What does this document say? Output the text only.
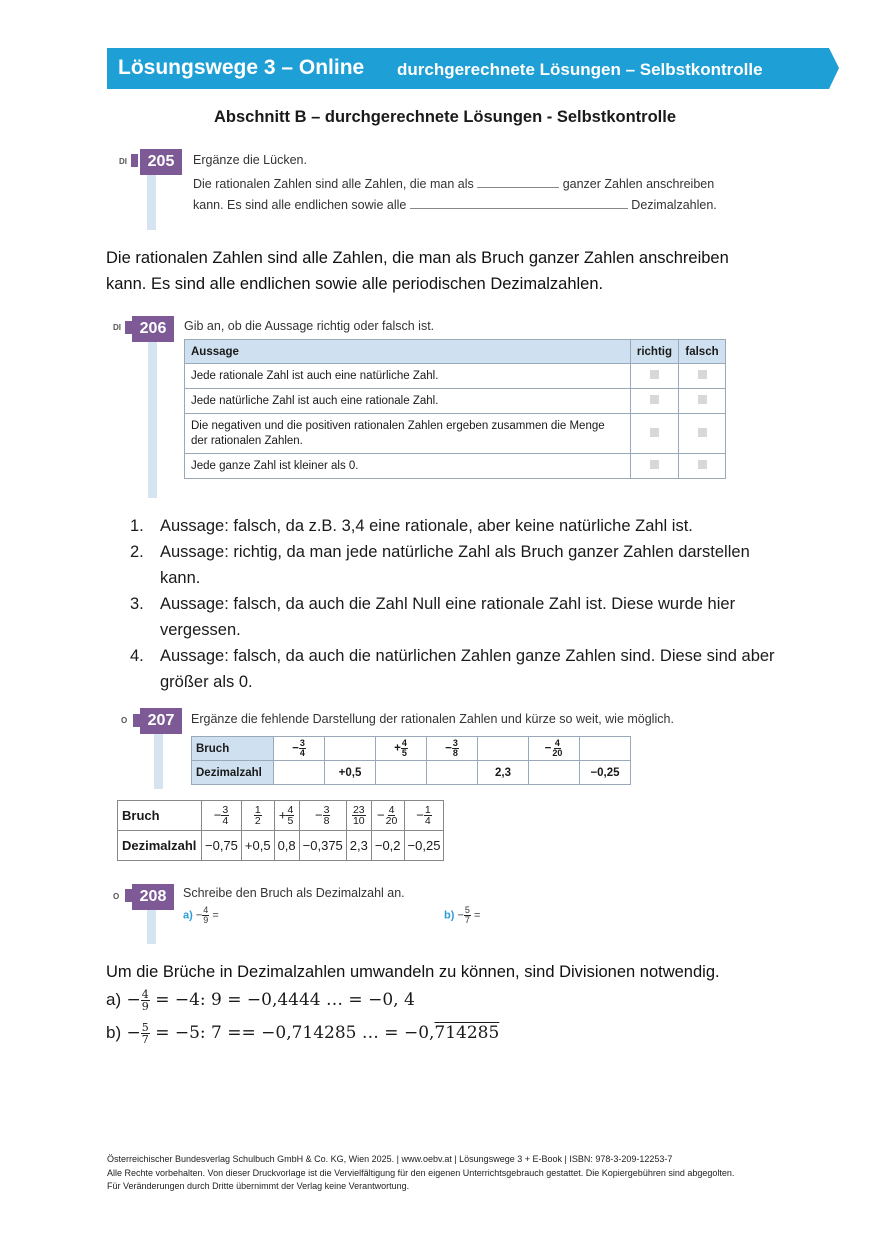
Lösungswege 3 – Online durchgerechnete Lösungen – Selbstkontrolle
Abschnitt B – durchgerechnete Lösungen - Selbstkontrolle
DI	205	Ergänze die Lücken.
Die rationalen Zahlen sind alle Zahlen, die man als	ganzer Zahlen anschreiben
kann. Es sind alle endlichen sowie alle	Dezimalzahlen.
Die rationalen Zahlen sind alle Zahlen, die man als Bruch ganzer Zahlen anschreiben
kann. Es sind alle endlichen sowie alle periodischen Dezimalzahlen.
DI	206	Gib an, ob die Aussage richtig oder falsch ist.
Aussage	richtig	falsch
Jede rationale Zahl ist auch eine natürliche Zahl.		
Jede natürliche Zahl ist auch eine rationale Zahl.		
Die negativen und die positiven rationalen Zahlen ergeben zusammen die Menge der rationalen Zahlen.		
Jede ganze Zahl ist kleiner als 0.		
1. Aussage: falsch, da z.B. 3,4 eine rationale, aber keine natürliche Zahl ist.
2. Aussage: richtig, da man jede natürliche Zahl als Bruch ganzer Zahlen darstellen kann.
3. Aussage: falsch, da auch die Zahl Null eine rationale Zahl ist. Diese wurde hier vergessen.
4. Aussage: falsch, da auch die natürlichen Zahlen ganze Zahlen sind. Diese sind aber größer als 0.
O	207	Ergänze die fehlende Darstellung der rationalen Zahlen und kürze so weit, wie möglich.
Bruch	− $\frac{3}{4}$		+ $\frac{4}{5}$	− $\frac{3}{8}$		− $\frac{4}{20}$

Dezimalzahl		+0,5			2,3		−0,25
Bruch	− $\frac{3}{4}$	$\frac{1}{2}$	+ $\frac{4}{5}$	− $\frac{3}{8}$	$\frac{23}{10}$	− $\frac{4}{20}$	− $\frac{1}{4}$

Dezimalzahl	−0,75	+0,5	0,8	−0,375	2,3	−0,2	−0,25
O	208	Schreibe den Bruch als Dezimalzahl an.
$a) - \frac{4}{9}$ =	$b) - \frac{5}{7}$ =
Um die Brüche in Dezimalzahlen umwandeln zu können, sind Divisionen notwendig.
$a) - \frac{4}{9} = -4$: 9 = −0,4444 … = −0, 4̇
$b) - \frac{5}{7} = -5$: 7 == −0,714285 … = −0,714285
Österreichischer Bundesverlag Schulbuch GmbH & Co. KG, Wien 2025. | www.oebv.at | Lösungswege 3 + E-Book | ISBN: 978-3-209-12253-7
Alle Rechte vorbehalten. Von dieser Druckvorlage ist die Vervielfältigung für den eigenen Unterrichtsgebrauch gestattet. Die Kopiergebühren sind abgegolten.
Für Veränderungen durch Dritte übernimmt der Verlag keine Verantwortung.
